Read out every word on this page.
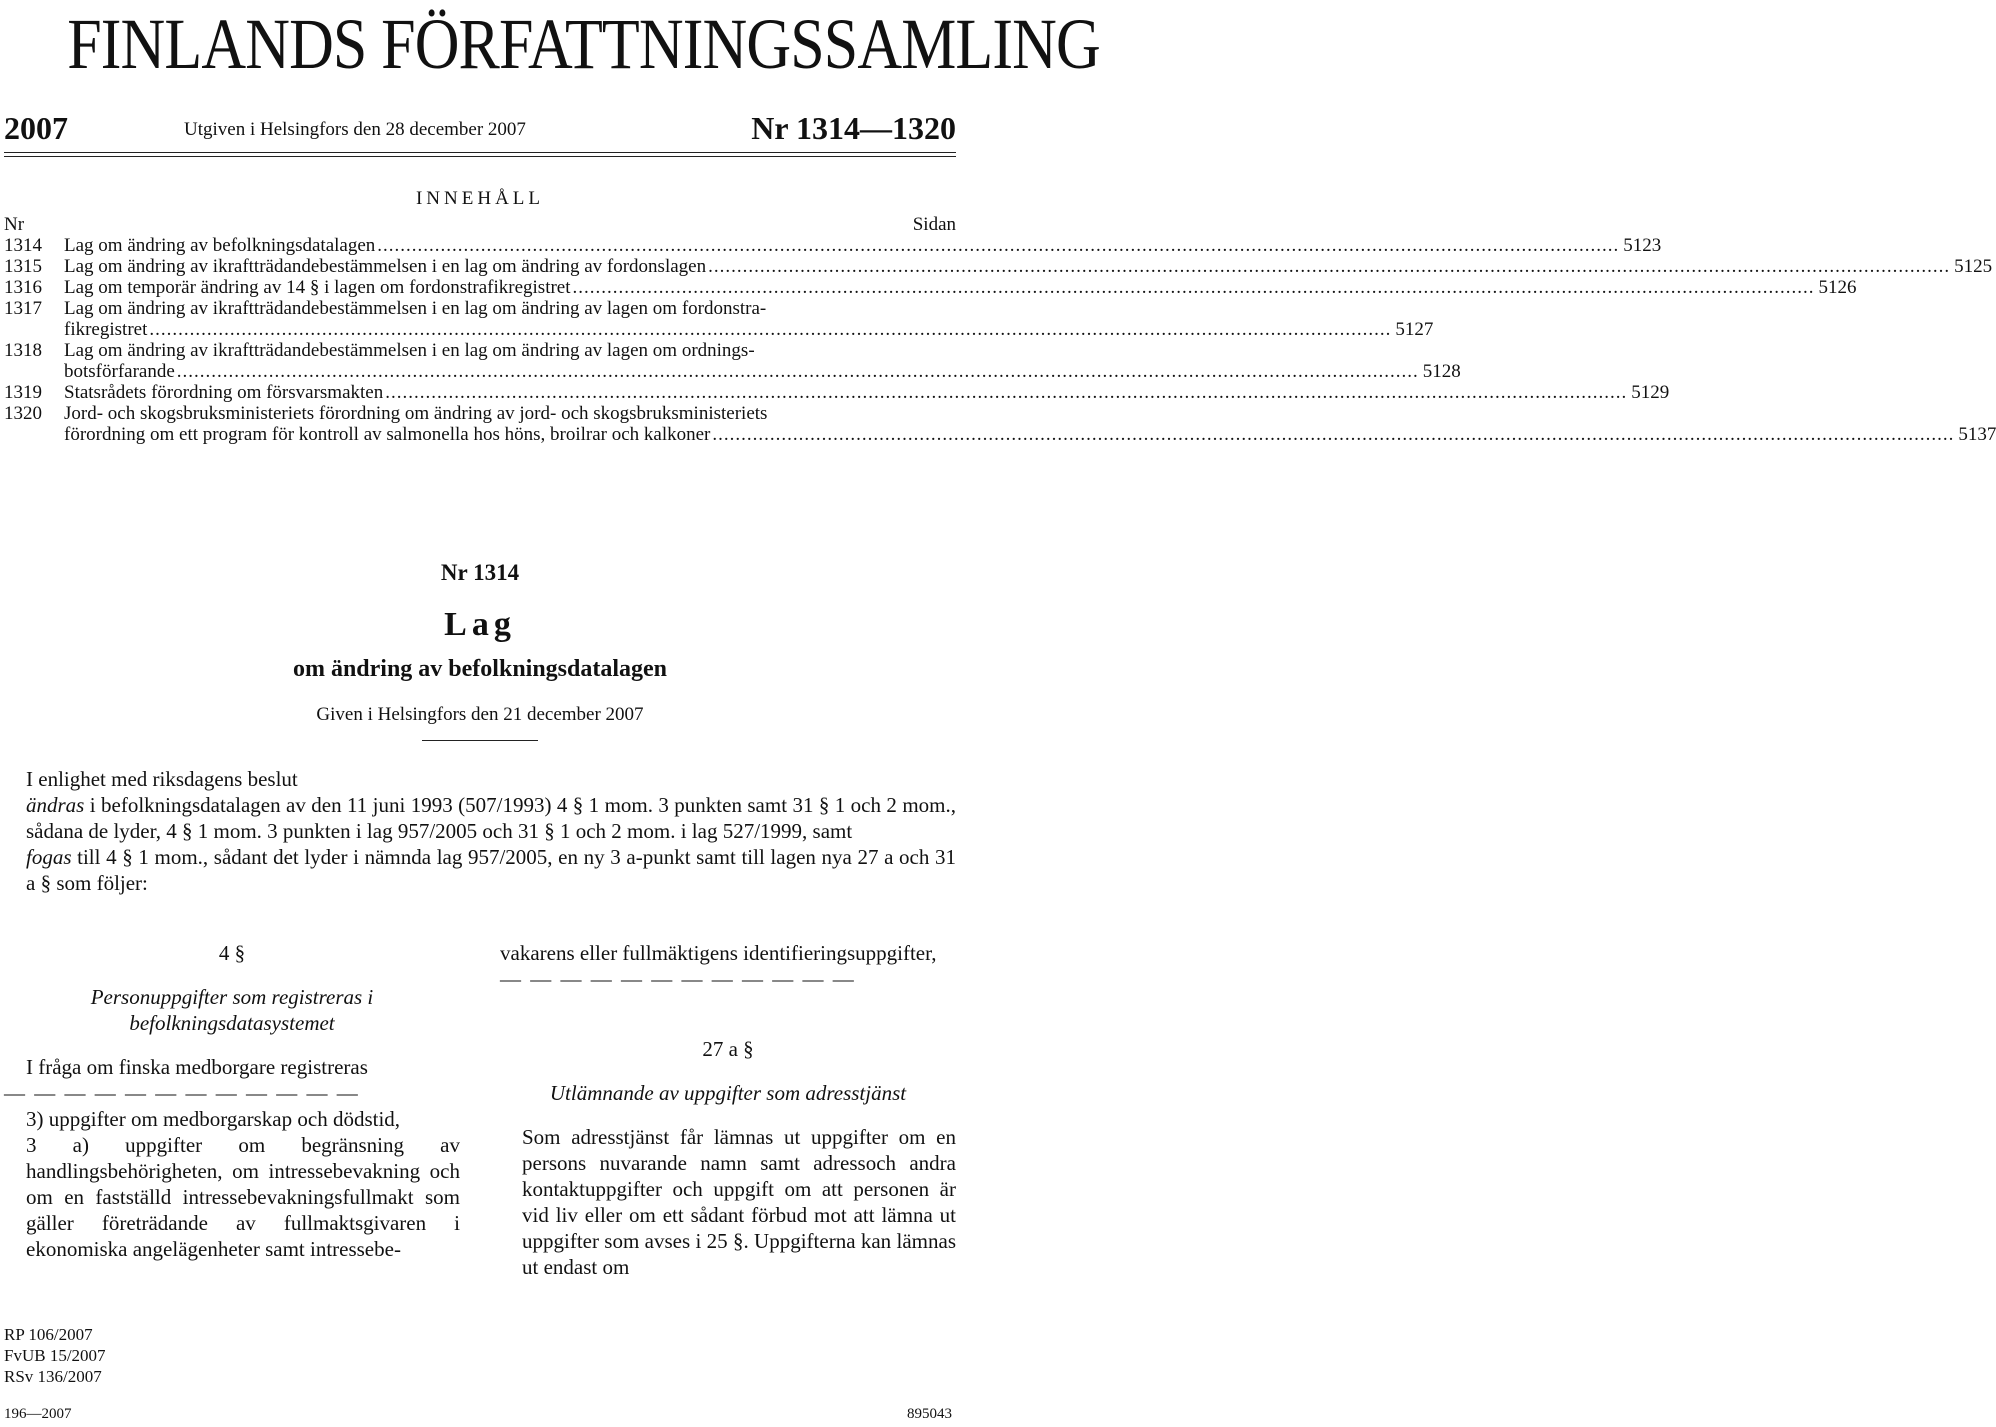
FINLANDS FÖRFATTNINGSSAMLING
2007	Utgiven i Helsingfors den 28 december 2007	Nr 1314—1320
INNEHÅLL
Nr	Sidan
1314 Lag om ändring av befolkningsdatalagen .....	5123
1315 Lag om ändring av ikraftträdandebestämmelsen i en lag om ändring av fordonslagen .....	5125
1316 Lag om temporär ändring av 14 § i lagen om fordonstrafikregistret .....	5126
1317 Lag om ändring av ikraftträdandebestämmelsen i en lag om ändring av lagen om fordonstra-
fikregistret .....	5127
1318 Lag om ändring av ikraftträdandebestämmelsen i en lag om ändring av lagen om ordnings-
botsförfarande .....	5128
1319 Statsrådets förordning om försvarsmakten .....	5129
1320 Jord- och skogsbruksministeriets förordning om ändring av jord- och skogsbruksministeriets
förordning om ett program för kontroll av salmonella hos höns, broilrar och kalkoner .....	5137
Nr 1314
Lag
om ändring av befolkningsdatalagen
Given i Helsingfors den 21 december 2007

I enlighet med riksdagens beslut

ändras i befolkningsdatalagen av den 11 juni 1993 (507/1993) 4 § 1 mom. 3 punkten samt 31 § 1 och 2 mom., sådana de lyder, 4 § 1 mom. 3 punkten i lag 957/2005 och 31 § 1 och 2 mom. i lag 527/1999, samt

fogas till 4 § 1 mom., sådant det lyder i nämnda lag 957/2005, en ny 3 a-punkt samt till lagen nya 27 a och 31 a § som följer:

4 §

Personuppgifter som registreras i befolkningsdatasystemet

I fråga om finska medborgare registreras

— — — — — — — — — — — —

3) uppgifter om medborgarskap och dödstid,

3 a) uppgifter om begränsning av handlingsbehörigheten, om intressebevakning och om en fastställd intressebevakningsfullmakt som gäller företrädande av fullmaktsgivaren i ekonomiska angelägenheter samt intressebe-

vakarens eller fullmäktigens identifieringsuppgifter,

— — — — — — — — — — — —

27 a §

Utlämnande av uppgifter som adresstjänst

Som adresstjänst får lämnas ut uppgifter om en persons nuvarande namn samt adressoch andra kontaktuppgifter och uppgift om att personen är vid liv eller om ett sådant förbud mot att lämna ut uppgifter som avses i 25 §. Uppgifterna kan lämnas ut endast om

RP 106/2007
FvUB 15/2007
RSv 136/2007
196—2007	895043
